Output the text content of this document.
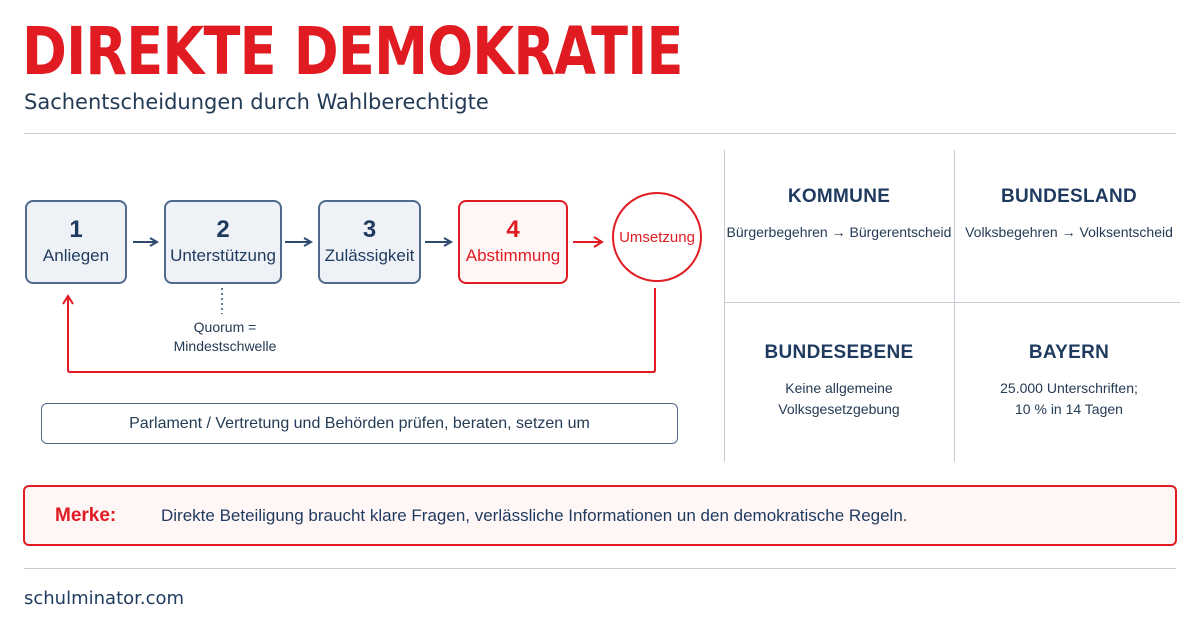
DIREKTE DEMOKRATIE
Sachentscheidungen durch Wahlberechtigte
1
Anliegen
2
Unterstützung
3
Zulässigkeit
4
Abstimmung
Umsetzung
Quorum = Mindestschwelle
Parlament / Vertretung und Behörden prüfen, beraten, setzen um
KOMMUNE
Bürgerbegehren → Bürgerentscheid
BUNDESLAND
Volksbegehren → Volksentscheid
BUNDESEBENE
Keine allgemeine
Volksgesetzgebung
BAYERN
25.000 Unterschriften;
10 % in 14 Tagen
Merke:	Direkte Beteiligung braucht klare Fragen, verlässliche Informationen un den demokratische Regeln.
schulminator.com
